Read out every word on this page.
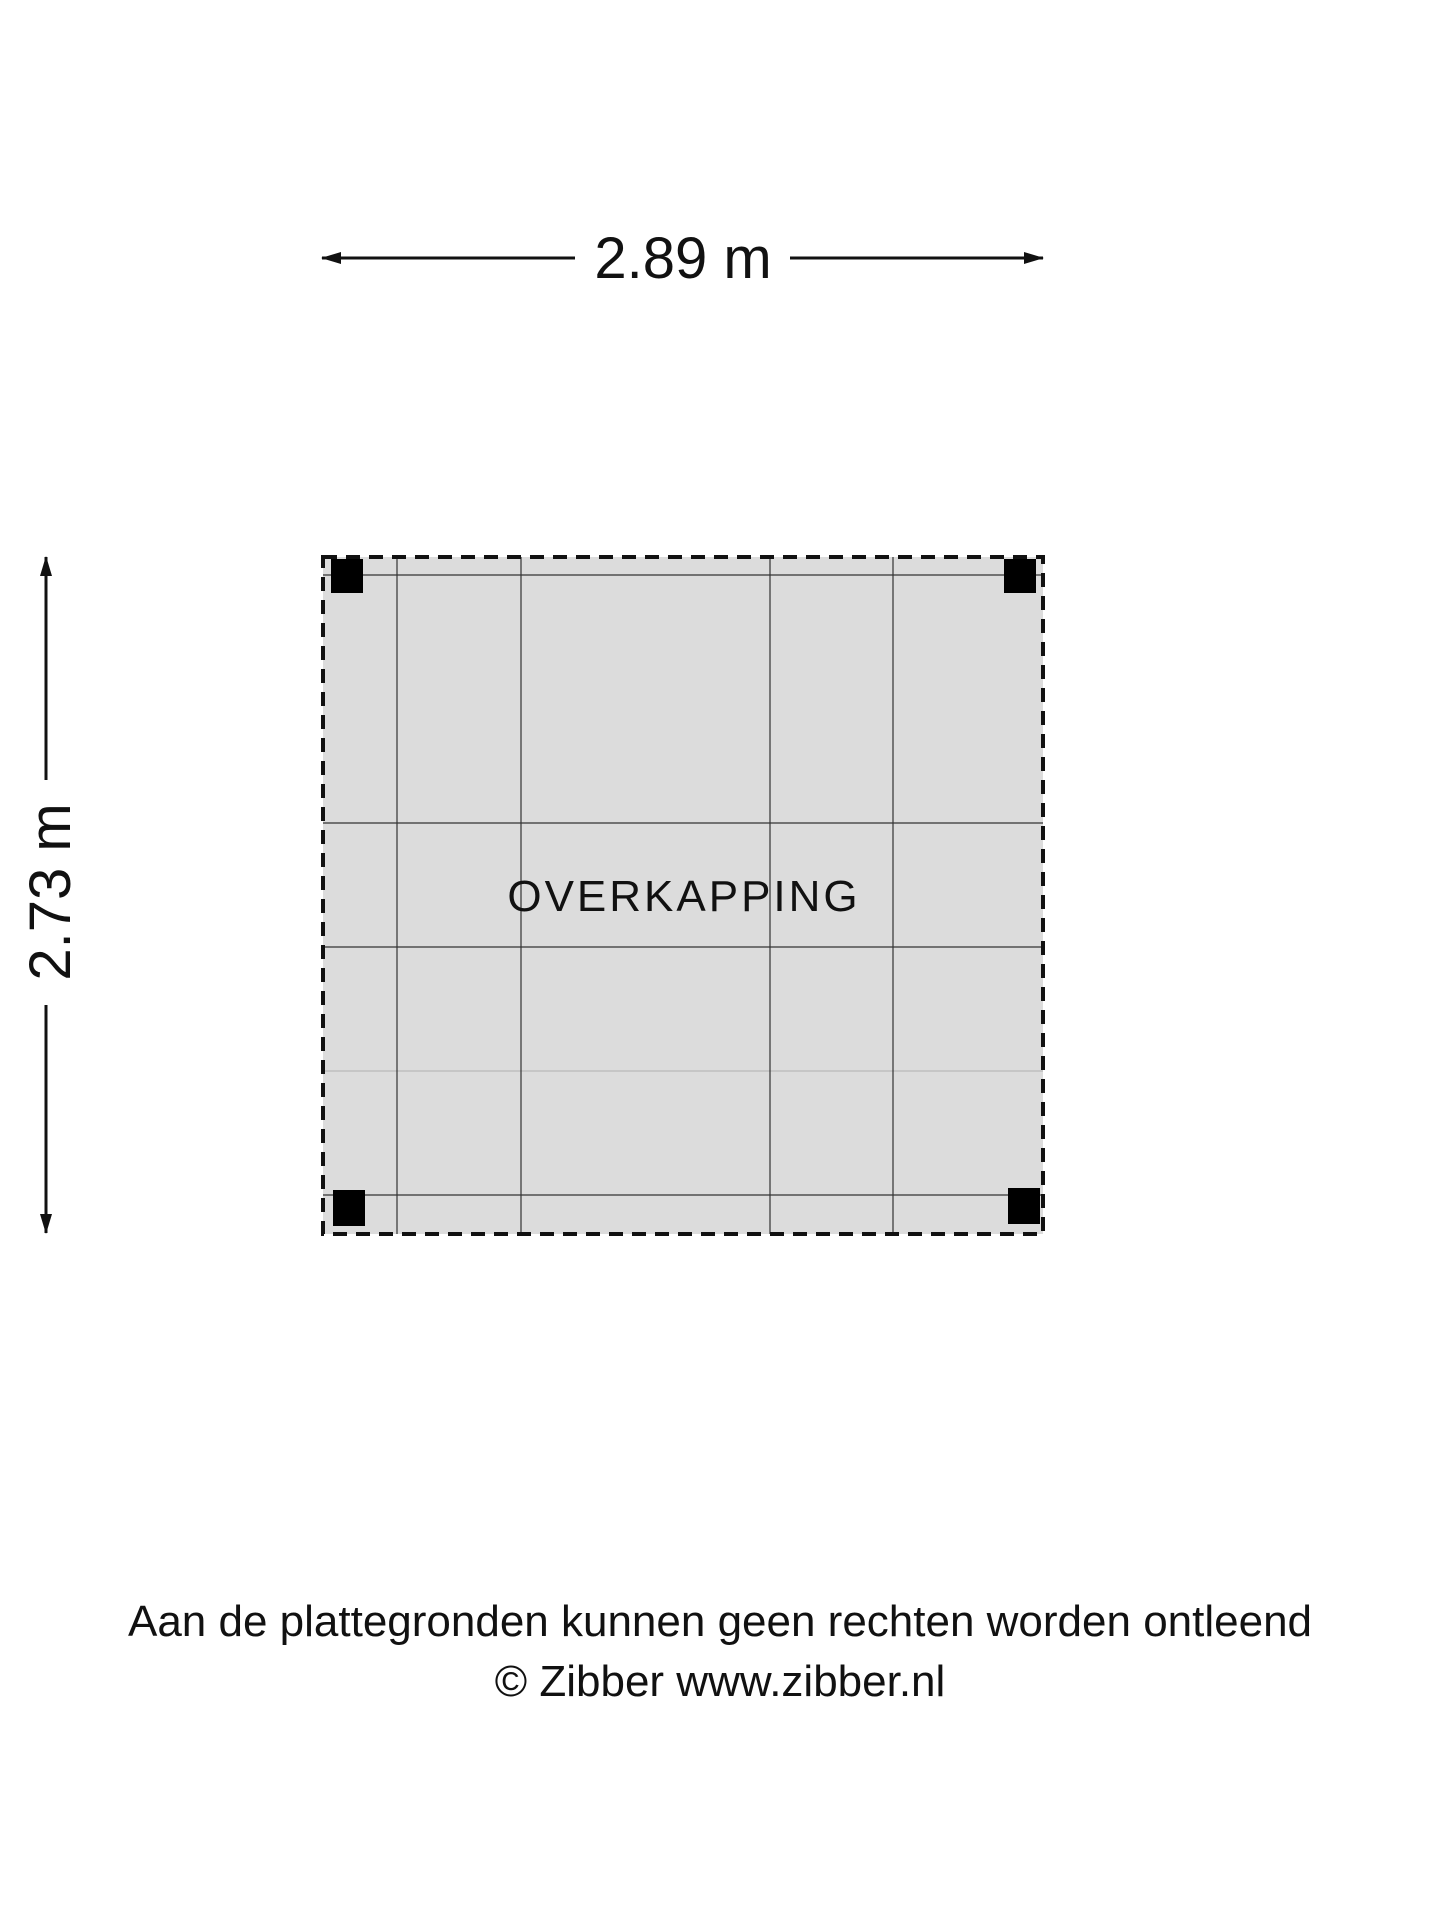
2.89 m
2.73 m	OVERKAPPING
Aan de plattegronden kunnen geen rechten worden ontleend
© Zibber www.zibber.nl
